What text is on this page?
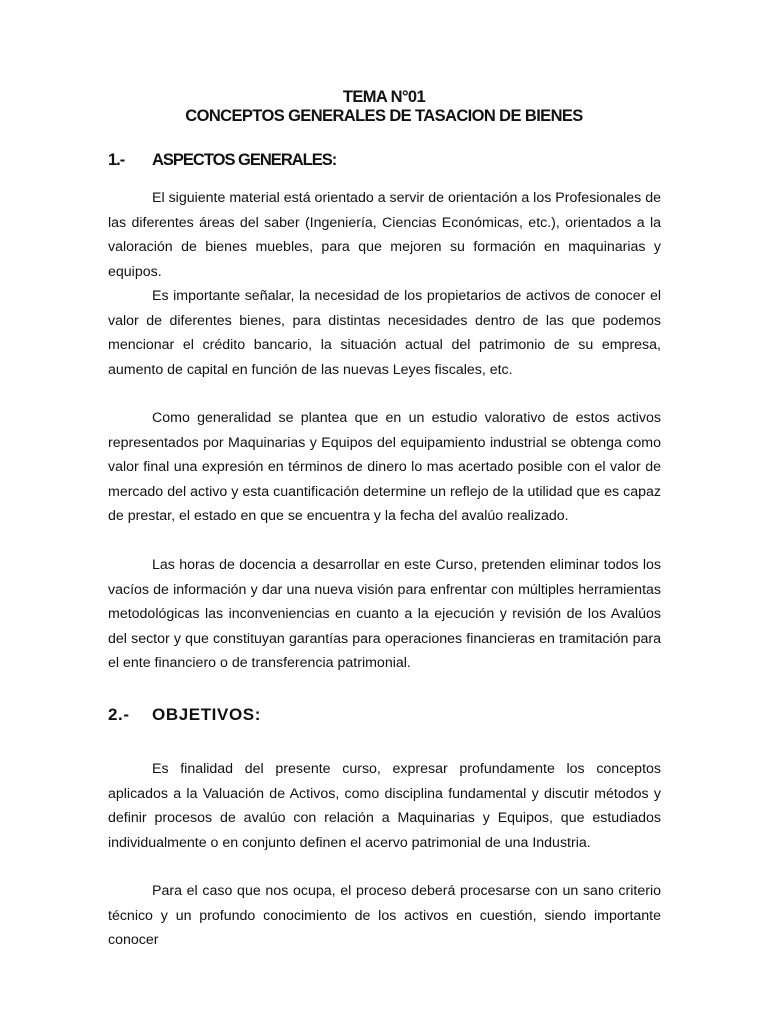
TEMA N°01
CONCEPTOS GENERALES DE TASACION DE BIENES
1.-	ASPECTOS GENERALES:

El siguiente material está orientado a servir de orientación a los Profesionales de las diferentes áreas del saber (Ingeniería, Ciencias Económicas, etc.), orientados a la valoración de bienes muebles, para que mejoren su formación en maquinarias y equipos.

Es importante señalar, la necesidad de los propietarios de activos de conocer el valor de diferentes bienes, para distintas necesidades dentro de las que podemos mencionar el crédito bancario, la situación actual del patrimonio de su empresa, aumento de capital en función de las nuevas Leyes fiscales, etc.

Como generalidad se plantea que en un estudio valorativo de estos activos representados por Maquinarias y Equipos del equipamiento industrial se obtenga como valor final una expresión en términos de dinero lo mas acertado posible con el valor de mercado del activo y esta cuantificación determine un reflejo de la utilidad que es capaz de prestar, el estado en que se encuentra y la fecha del avalúo realizado.

Las horas de docencia a desarrollar en este Curso, pretenden eliminar todos los vacíos de información y dar una nueva visión para enfrentar con múltiples herramientas metodológicas las inconveniencias en cuanto a la ejecución y revisión de los Avalúos del sector y que constituyan garantías para operaciones financieras en tramitación para el ente financiero o de transferencia patrimonial.

2.-	OBJETIVOS:

Es finalidad del presente curso, expresar profundamente los conceptos aplicados a la Valuación de Activos, como disciplina fundamental y discutir métodos y definir procesos de avalúo con relación a Maquinarias y Equipos, que estudiados individualmente o en conjunto definen el acervo patrimonial de una Industria.

Para el caso que nos ocupa, el proceso deberá procesarse con un sano criterio técnico y un profundo conocimiento de los activos en cuestión, siendo importante conocer
